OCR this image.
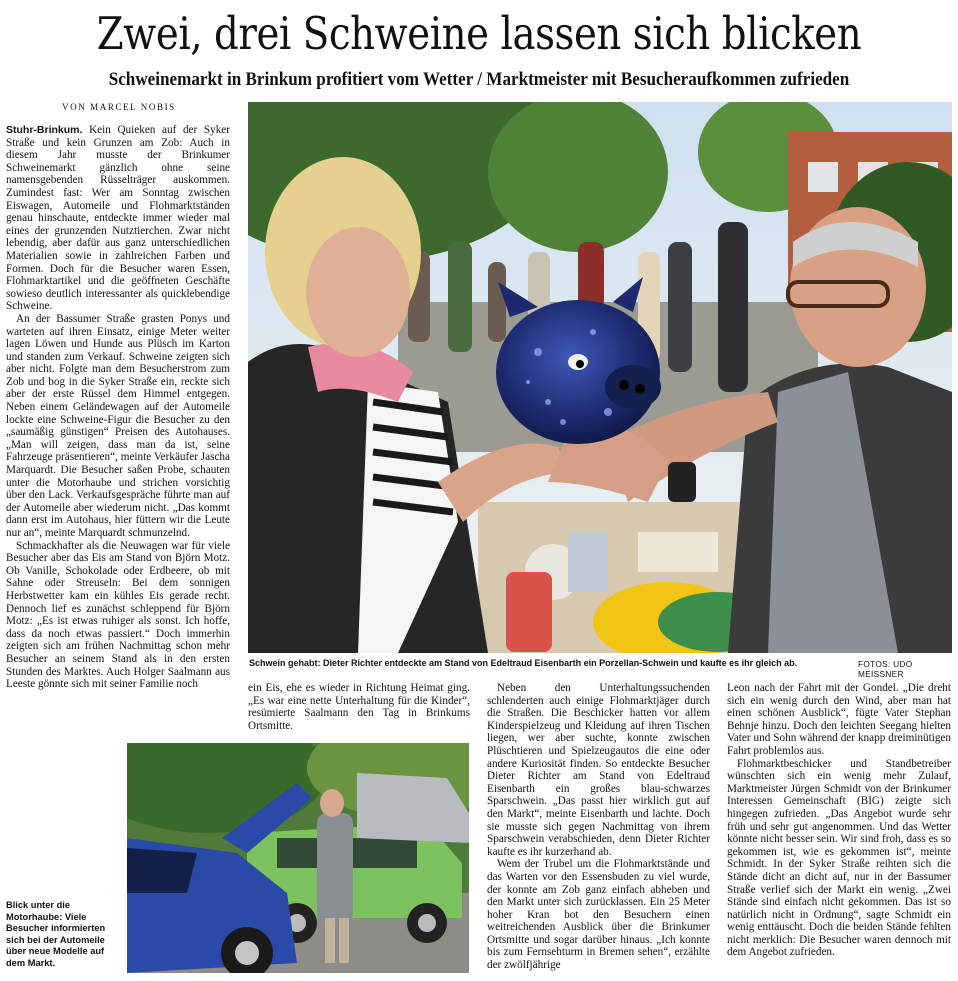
Zwei, drei Schweine lassen sich blicken
Schweinemarkt in Brinkum profitiert vom Wetter / Marktmeister mit Besucheraufkommen zufrieden
VON MARCEL NOBIS

Stuhr-Brinkum. Kein Quieken auf der Syker Straße und kein Grunzen am Zob: Auch in diesem Jahr musste der Brinkumer Schweinemarkt gänzlich ohne seine namensgebenden Rüsselträger auskommen. Zumindest fast: Wer am Sonntag zwischen Eiswagen, Automeile und Flohmarktständen genau hinschaute, entdeckte immer wieder mal eines der grunzenden Nutztierchen. Zwar nicht lebendig, aber dafür aus ganz unterschiedlichen Materialien sowie in zahlreichen Farben und Formen. Doch für die Besucher waren Essen, Flohmarktartikel und die geöffneten Geschäfte sowieso deutlich interessanter als quicklebendige Schweine.

An der Bassumer Straße grasten Ponys und warteten auf ihren Einsatz, einige Meter weiter lagen Löwen und Hunde aus Plüsch im Karton und standen zum Verkauf. Schweine zeigten sich aber nicht. Folgte man dem Besucherstrom zum Zob und bog in die Syker Straße ein, reckte sich aber der erste Rüssel dem Himmel entgegen. Neben einem Geländewagen auf der Automeile lockte eine Schweine-Figur die Besucher zu den „saumäßig günstigen“ Preisen des Autohauses. „Man will zeigen, dass man da ist, seine Fahrzeuge präsentieren“, meinte Verkäufer Jascha Marquardt. Die Besucher saßen Probe, schauten unter die Motorhaube und strichen vorsichtig über den Lack. Verkaufsgespräche führte man auf der Automeile aber wiederum nicht. „Das kommt dann erst im Autohaus, hier füttern wir die Leute nur an“, meinte Marquardt schmunzelnd.

Schmackhafter als die Neuwagen war für viele Besucher aber das Eis am Stand von Björn Motz. Ob Vanille, Schokolade oder Erdbeere, ob mit Sahne oder Streuseln: Bei dem sonnigen Herbstwetter kam ein kühles Eis gerade recht. Dennoch lief es zunächst schleppend für Björn Motz: „Es ist etwas ruhiger als sonst. Ich hoffe, dass da noch etwas passiert.“ Doch immerhin zeigten sich am frühen Nachmittag schon mehr Besucher an seinem Stand als in den ersten Stunden des Marktes. Auch Holger Saalmann aus Leeste gönnte sich mit seiner Familie noch

Schwein gehabt: Dieter Richter entdeckte am Stand von Edeltraud Eisenbarth ein Porzellan-Schwein und kaufte es ihr gleich ab.	FOTOS: UDO MEISSNER

ein Eis, ehe es wieder in Richtung Heimat ging. „Es war eine nette Unterhaltung für die Kinder“, resümierte Saalmann den Tag in Brinkums Ortsmitte.

Blick unter die Motorhaube: Viele Besucher informierten sich bei der Automeile über neue Modelle auf dem Markt.

Neben den Unterhaltungssuchenden schlenderten auch einige Flohmarktjäger durch die Straßen. Die Beschicker hatten vor allem Kinderspielzeug und Kleidung auf ihren Tischen liegen, wer aber suchte, konnte zwischen Plüschtieren und Spielzeugautos die eine oder andere Kuriosität finden. So entdeckte Besucher Dieter Richter am Stand von Edeltraud Eisenbarth ein großes blau-schwarzes Sparschwein. „Das passt hier wirklich gut auf den Markt“, meinte Eisenbarth und lachte. Doch sie musste sich gegen Nachmittag von ihrem Sparschwein verabschieden, denn Dieter Richter kaufte es ihr kurzerhand ab.

Wem der Trubel um die Flohmarktstände und das Warten vor den Essensbuden zu viel wurde, der konnte am Zob ganz einfach abheben und den Markt unter sich zurücklassen. Ein 25 Meter hoher Kran bot den Besuchern einen weitreichenden Ausblick über die Brinkumer Ortsmitte und sogar darüber hinaus. „Ich konnte bis zum Fernsehturm in Bremen sehen“, erzählte der zwölfjährige

Leon nach der Fahrt mit der Gondel. „Die dreht sich ein wenig durch den Wind, aber man hat einen schönen Ausblick“, fügte Vater Stephan Behnje hinzu. Doch den leichten Seegang hielten Vater und Sohn während der knapp dreiminütigen Fahrt problemlos aus.

Flohmarktbeschicker und Standbetreiber wünschten sich ein wenig mehr Zulauf, Marktmeister Jürgen Schmidt von der Brinkumer Interessen Gemeinschaft (BIG) zeigte sich hingegen zufrieden. „Das Angebot wurde sehr früh und sehr gut angenommen. Und das Wetter könnte nicht besser sein. Wir sind froh, dass es so gekommen ist, wie es gekommen ist“, meinte Schmidt. In der Syker Straße reihten sich die Stände dicht an dicht auf, nur in der Bassumer Straße verlief sich der Markt ein wenig. „Zwei Stände sind einfach nicht gekommen. Das ist so natürlich nicht in Ordnung“, sagte Schmidt ein wenig enttäuscht. Doch die beiden Stände fehlten nicht merklich: Die Besucher waren dennoch mit dem Angebot zufrieden.
